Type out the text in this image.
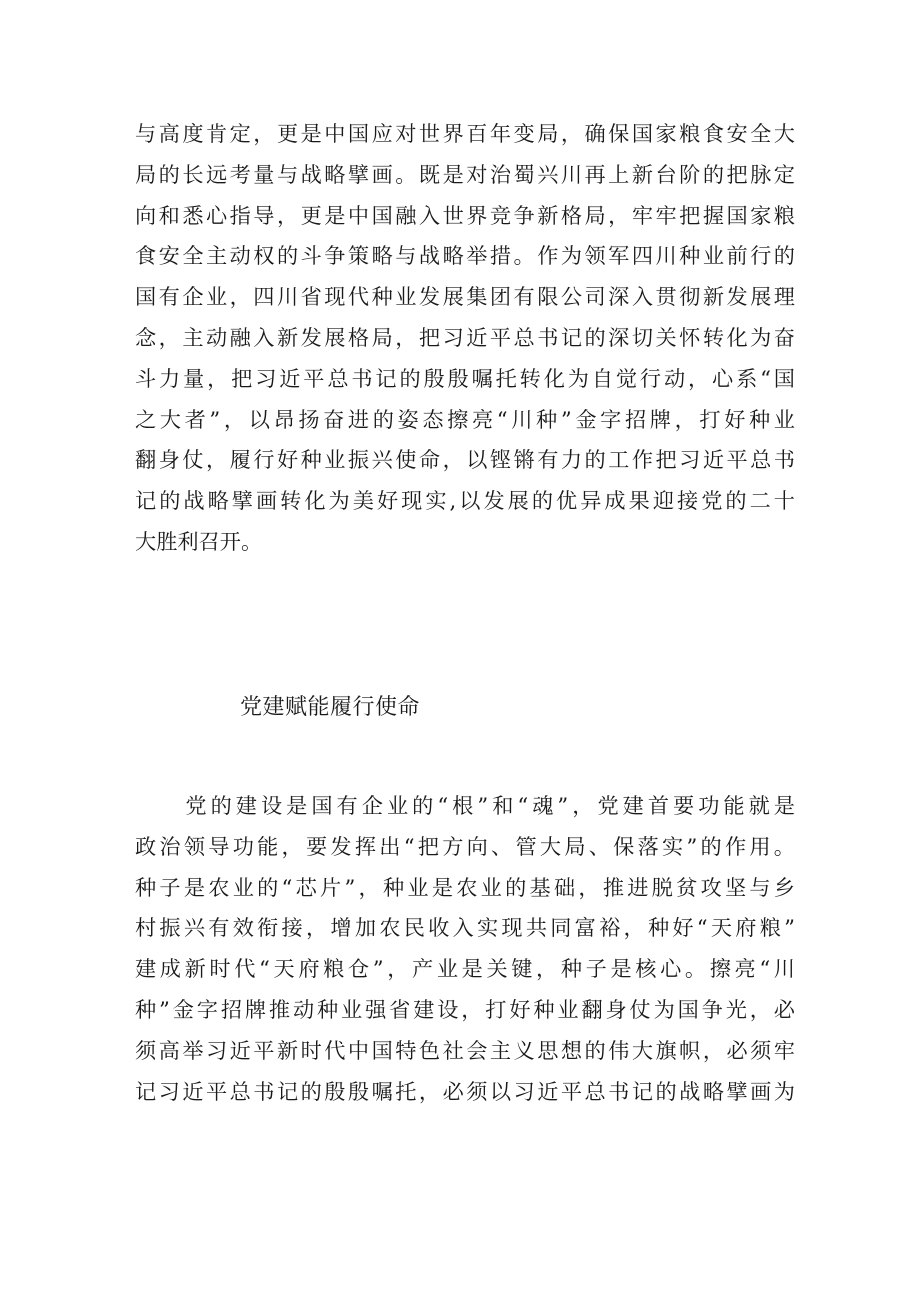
与高度肯定，更是中国应对世界百年变局，确保国家粮食安全大
局的长远考量与战略擘画。既是对治蜀兴川再上新台阶的把脉定
向和悉心指导，更是中国融入世界竞争新格局，牢牢把握国家粮
食安全主动权的斗争策略与战略举措。作为领军四川种业前行的
国有企业，四川省现代种业发展集团有限公司深入贯彻新发展理
念，主动融入新发展格局，把习近平总书记的深切关怀转化为奋
斗力量，把习近平总书记的殷殷嘱托转化为自觉行动，心系“国
之大者”，以昂扬奋进的姿态擦亮“川种”金字招牌，打好种业
翻身仗，履行好种业振兴使命，以铿锵有力的工作把习近平总书
记的战略擘画转化为美好现实,以发展的优异成果迎接党的二十
大胜利召开。
党建赋能履行使命
　　党的建设是国有企业的“根”和“魂”，党建首要功能就是
政治领导功能，要发挥出“把方向、管大局、保落实”的作用。
种子是农业的“芯片”，种业是农业的基础，推进脱贫攻坚与乡
村振兴有效衔接，增加农民收入实现共同富裕，种好“天府粮”
建成新时代“天府粮仓”，产业是关键，种子是核心。擦亮“川
种”金字招牌推动种业强省建设，打好种业翻身仗为国争光，必
须高举习近平新时代中国特色社会主义思想的伟大旗帜，必须牢
记习近平总书记的殷殷嘱托，必须以习近平总书记的战略擘画为
